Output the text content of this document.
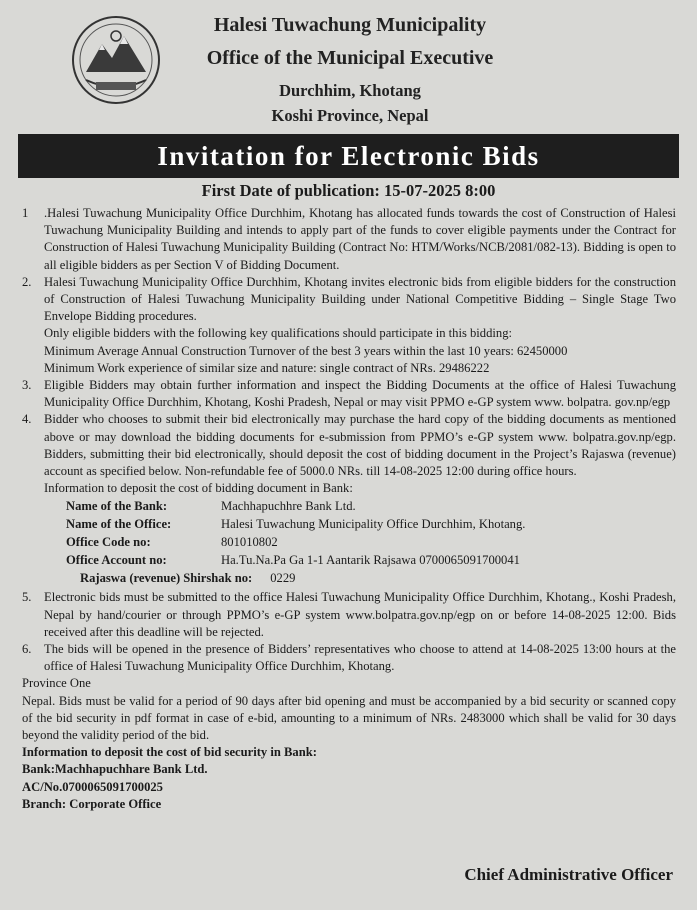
Halesi Tuwachung Municipality
Office of the Municipal Executive
Durchhim, Khotang
Koshi Province, Nepal
Invitation for Electronic Bids
First Date of publication: 15-07-2025 8:00
1 .Halesi Tuwachung Municipality Office Durchhim, Khotang has allocated funds towards the cost of Construction of Halesi Tuwachung Municipality Building and intends to apply part of the funds to cover eligible payments under the Contract for Construction of Halesi Tuwachung Municipality Building (Contract No: HTM/Works/NCB/2081/082-13). Bidding is open to all eligible bidders as per Section V of Bidding Document.
2. Halesi Tuwachung Municipality Office Durchhim, Khotang invites electronic bids from eligible bidders for the construction of Construction of Halesi Tuwachung Municipality Building under National Competitive Bidding – Single Stage Two Envelope Bidding procedures.
Only eligible bidders with the following key qualifications should participate in this bidding:
Minimum Average Annual Construction Turnover of the best 3 years within the last 10 years: 62450000
Minimum Work experience of similar size and nature: single contract of NRs. 29486222
3. Eligible Bidders may obtain further information and inspect the Bidding Documents at the office of Halesi Tuwachung Municipality Office Durchhim, Khotang, Koshi Pradesh, Nepal or may visit PPMO e-GP system www. bolpatra. gov.np/egp
4. Bidder who chooses to submit their bid electronically may purchase the hard copy of the bidding documents as mentioned above or may download the bidding documents for e-submission from PPMO’s e-GP system www. bolpatra.gov.np/egp. Bidders, submitting their bid electronically, should deposit the cost of bidding document in the Project’s Rajaswa (revenue) account as specified below. Non-refundable fee of 5000.0 NRs. till 14-08-2025 12:00 during office hours.
Information to deposit the cost of bidding document in Bank:
Name of the Bank:	Machhapuchhre Bank Ltd.
Name of the Office:	Halesi Tuwachung Municipality Office Durchhim, Khotang.
Office Code no:	801010802
Office Account no:	Ha.Tu.Na.Pa Ga 1-1 Aantarik Rajsawa 0700065091700041
Rajaswa (revenue) Shirshak no:	0229
5. Electronic bids must be submitted to the office Halesi Tuwachung Municipality Office Durchhim, Khotang., Koshi Pradesh, Nepal by hand/courier or through PPMO’s e-GP system www.bolpatra.gov.np/egp on or before 14-08-2025 12:00. Bids received after this deadline will be rejected.
6. The bids will be opened in the presence of Bidders’ representatives who choose to attend at 14-08-2025 13:00 hours at the office of Halesi Tuwachung Municipality Office Durchhim, Khotang.
Province One
Nepal. Bids must be valid for a period of 90 days after bid opening and must be accompanied by a bid security or scanned copy of the bid security in pdf format in case of e-bid, amounting to a minimum of NRs. 2483000 which shall be valid for 30 days beyond the validity period of the bid.
Information to deposit the cost of bid security in Bank:
Bank:Machhapuchhare Bank Ltd.
AC/No.0700065091700025
Branch: Corporate Office
Chief Administrative Officer
